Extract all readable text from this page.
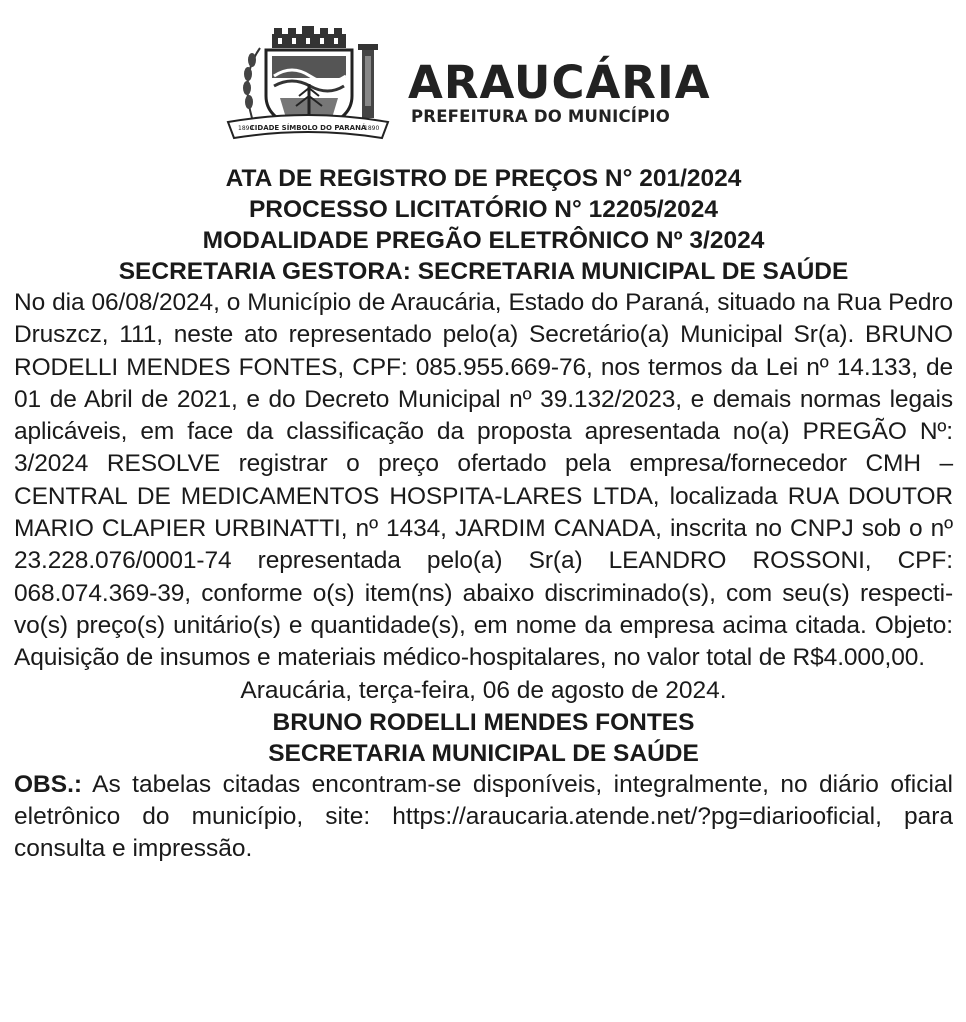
CIDADE SÍMBOLO DO PARANÁ
1890	1890
ARAUCÁRIA
PREFEITURA DO MUNICÍPIO

ATA DE REGISTRO DE PREÇOS N° 201/2024

PROCESSO LICITATÓRIO N° 12205/2024

MODALIDADE PREGÃO ELETRÔNICO Nº 3/2024

SECRETARIA GESTORA: SECRETARIA MUNICIPAL DE SAÚDE

No dia 06/08/2024, o Município de Araucária, Estado do Paraná, situado na Rua Pedro Druszcz, 111, neste ato representado pelo(a) Secretário(a) Municipal Sr(a). BRUNO RODELLI MENDES FONTES, CPF: 085.955.669-76, nos termos da Lei nº 14.133, de 01 de Abril de 2021, e do Decreto Municipal nº 39.132/2023, e demais normas legais aplicáveis, em face da classificação da proposta apresentada no(a) PREGÃO Nº: 3/2024 RESOLVE registrar o preço ofertado pela empresa/fornecedor CMH – CENTRAL DE MEDICAMENTOS HOSPITA-LARES LTDA, localizada RUA DOUTOR MARIO CLAPIER URBINATTI, nº 1434, JARDIM CANADA, inscrita no CNPJ sob o nº 23.228.076/0001-74 representada pelo(a) Sr(a) LEANDRO ROSSONI, CPF: 068.074.369-39, conforme o(s) item(ns) abaixo discriminado(s), com seu(s) respecti-vo(s) preço(s) unitário(s) e quantidade(s), em nome da empresa acima citada. Objeto: Aquisição de insumos e materiais médico-hospitalares, no valor total de R$4.000,00.

Araucária, terça-feira, 06 de agosto de 2024.

BRUNO RODELLI MENDES FONTES

SECRETARIA MUNICIPAL DE SAÚDE

OBS.: As tabelas citadas encontram-se disponíveis, integralmente, no diário oficial eletrônico do município, site: https://araucaria.atende.net/?pg=diariooficial, para consulta e impressão.
